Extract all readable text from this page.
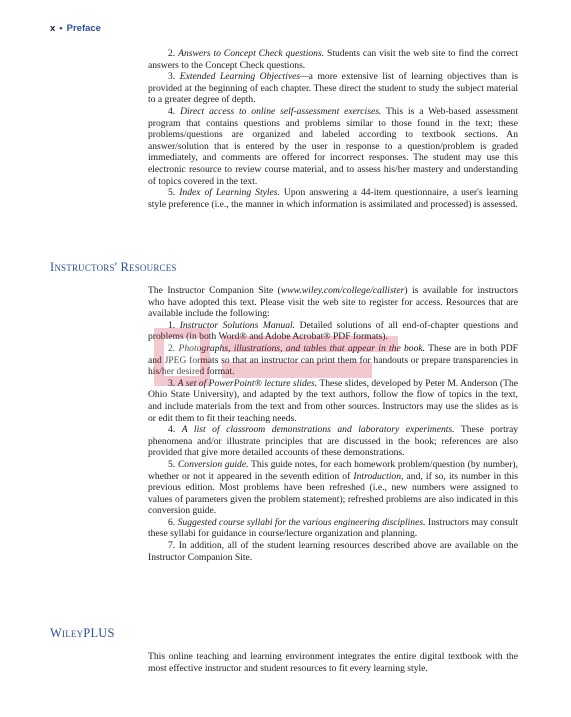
x • Preface

2. Answers to Concept Check questions. Students can visit the web site to find the correct answers to the Concept Check questions.

3. Extended Learning Objectives—a more extensive list of learning objectives than is provided at the beginning of each chapter. These direct the student to study the subject material to a greater degree of depth.

4. Direct access to online self-assessment exercises. This is a Web-based assessment program that contains questions and problems similar to those found in the text; these problems/questions are organized and labeled according to textbook sections. An answer/solution that is entered by the user in response to a question/problem is graded immediately, and comments are offered for incorrect responses. The student may use this electronic resource to review course material, and to assess his/her mastery and understanding of topics covered in the text.

5. Index of Learning Styles. Upon answering a 44-item questionnaire, a user's learning style preference (i.e., the manner in which information is assimilated and processed) is assessed.

Instructors' Resources

The Instructor Companion Site (www.wiley.com/college/callister) is available for instructors who have adopted this text. Please visit the web site to register for access. Resources that are available include the following:

1. Instructor Solutions Manual. Detailed solutions of all end-of-chapter questions and problems (in both Word® and Adobe Acrobat® PDF formats).

2. Photographs, illustrations, and tables that appear in the book. These are in both PDF and JPEG formats so that an instructor can print them for handouts or prepare transparencies in his/her desired format.

3. A set of PowerPoint® lecture slides. These slides, developed by Peter M. Anderson (The Ohio State University), and adapted by the text authors, follow the flow of topics in the text, and include materials from the text and from other sources. Instructors may use the slides as is or edit them to fit their teaching needs.

4. A list of classroom demonstrations and laboratory experiments. These portray phenomena and/or illustrate principles that are discussed in the book; references are also provided that give more detailed accounts of these demonstrations.

5. Conversion guide. This guide notes, for each homework problem/question (by number), whether or not it appeared in the seventh edition of Introduction, and, if so, its number in this previous edition. Most problems have been refreshed (i.e., new numbers were assigned to values of parameters given the problem statement); refreshed problems are also indicated in this conversion guide.

6. Suggested course syllabi for the various engineering disciplines. Instructors may consult these syllabi for guidance in course/lecture organization and planning.

7. In addition, all of the student learning resources described above are available on the Instructor Companion Site.

WileyPLUS

This online teaching and learning environment integrates the entire digital textbook with the most effective instructor and student resources to fit every learning style.
